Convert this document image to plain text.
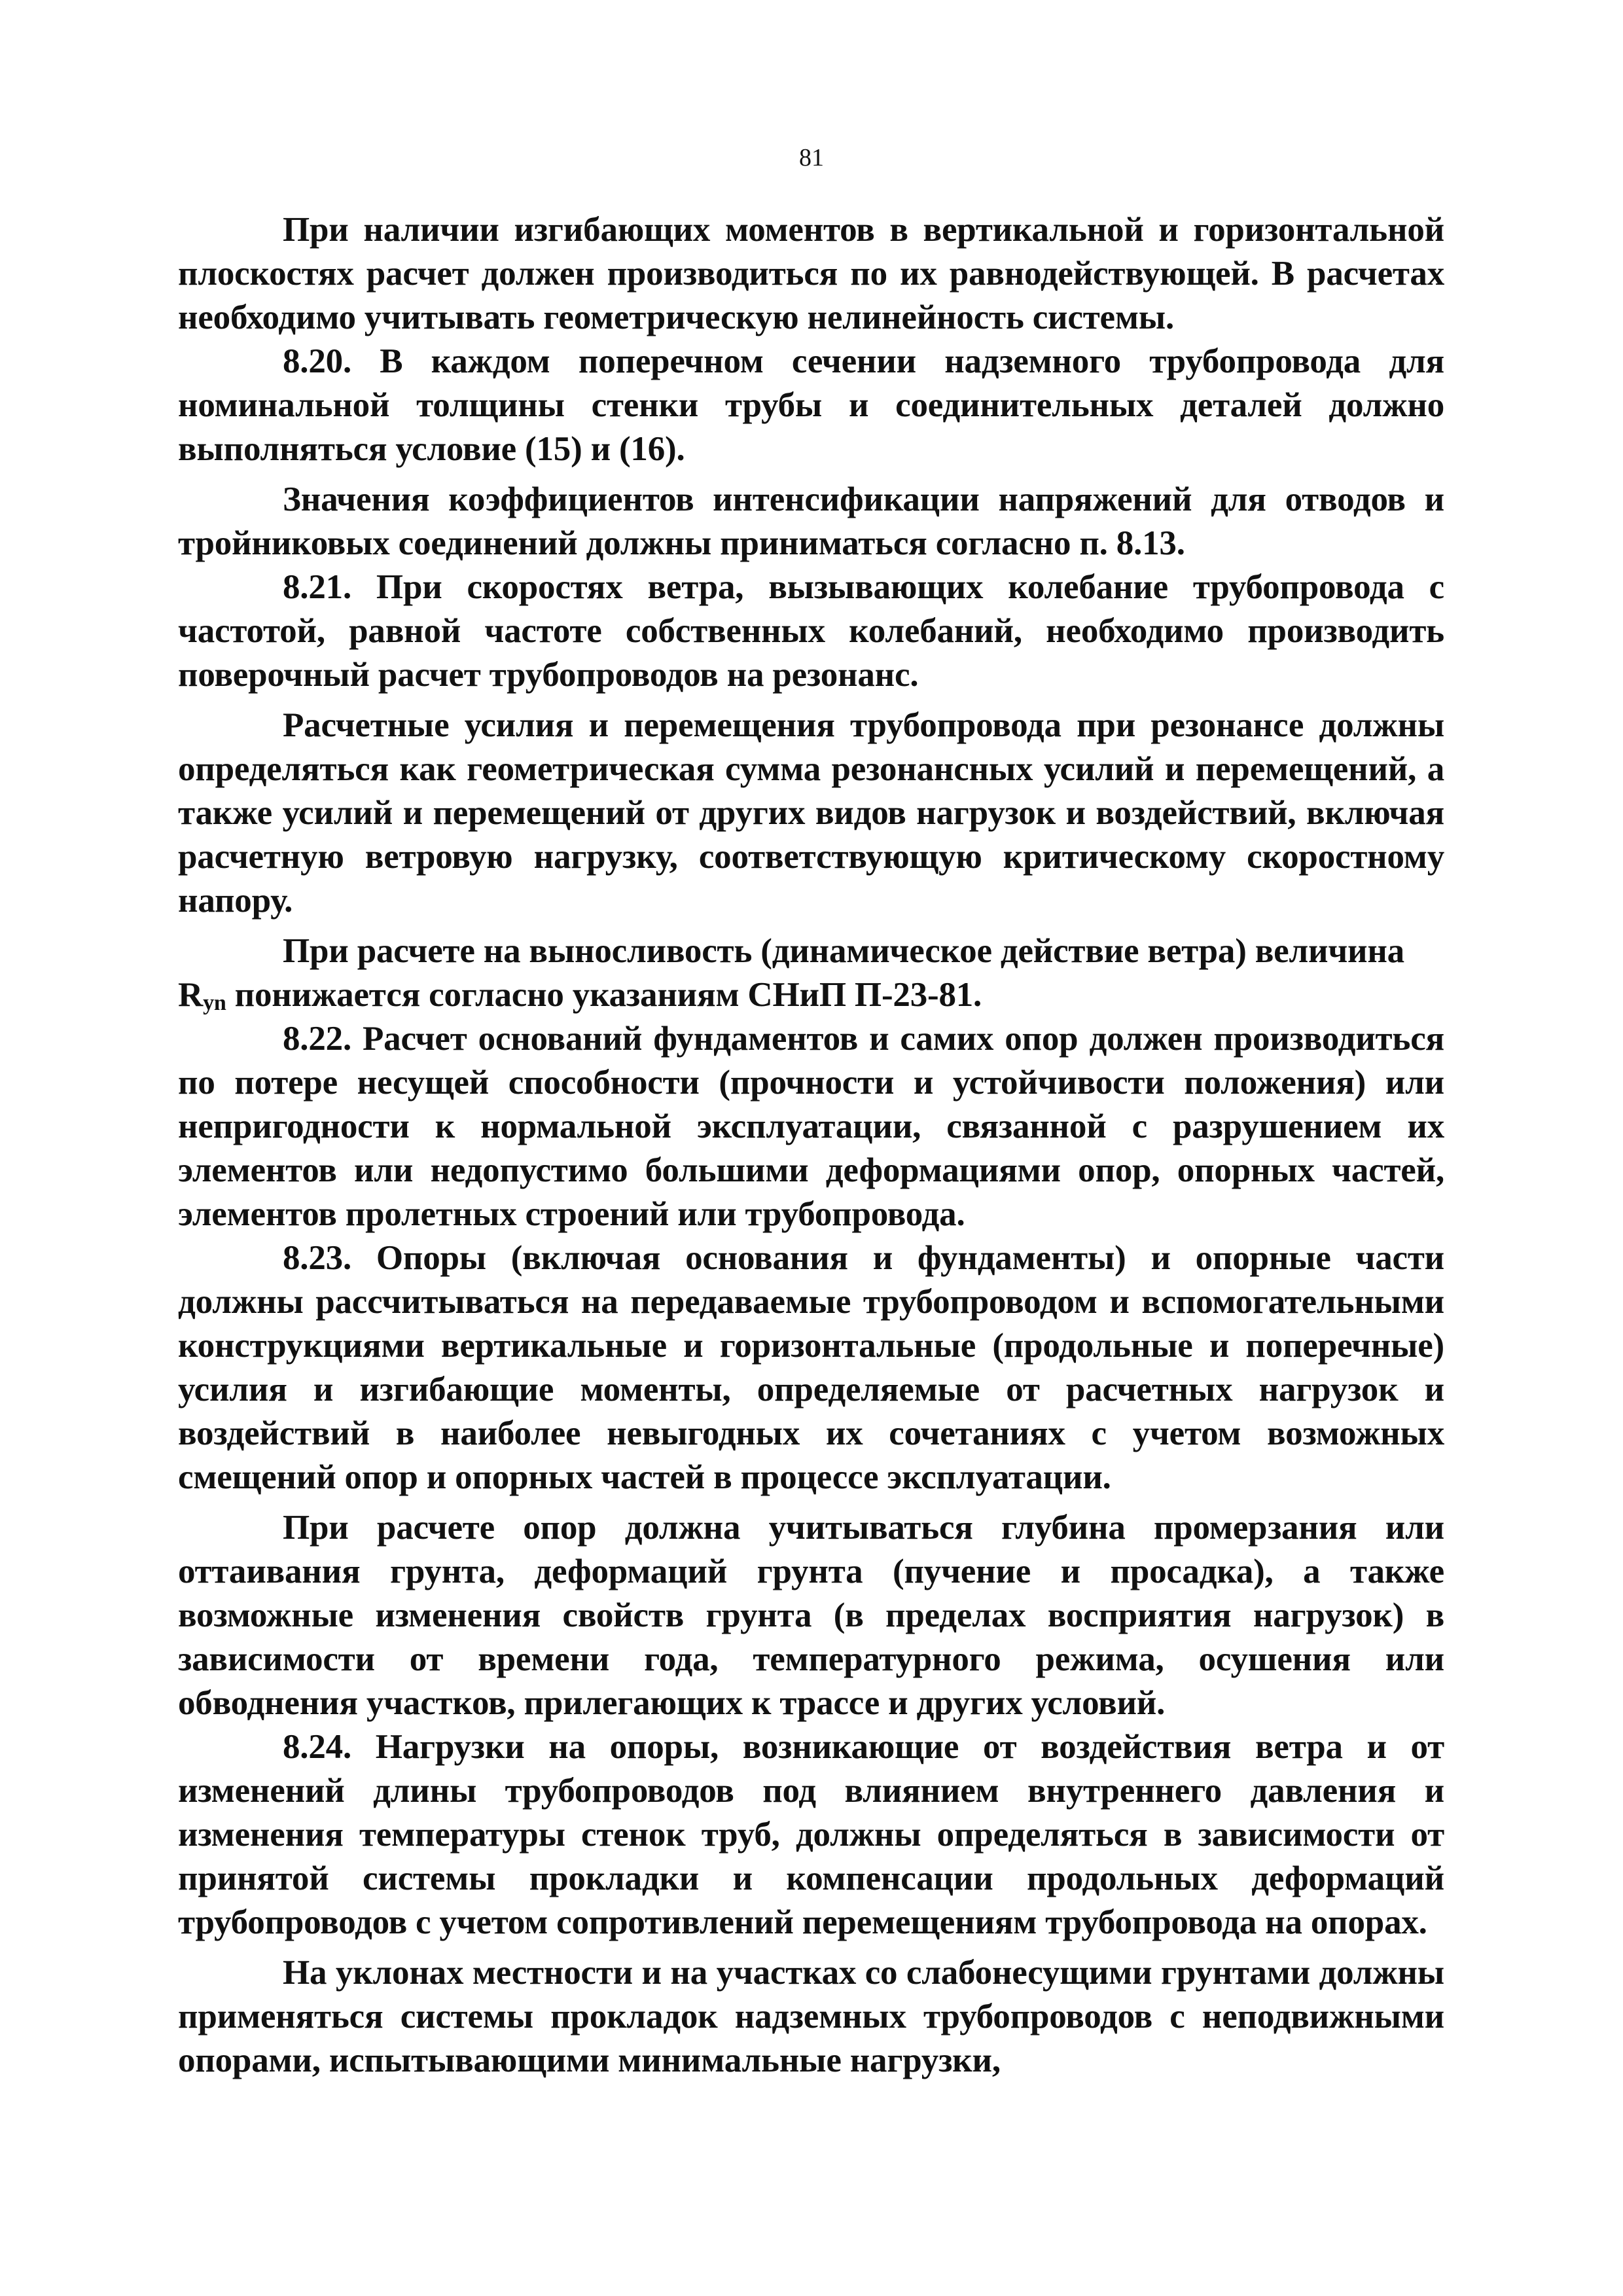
81

При наличии изгибающих моментов в вертикальной и горизонтальной плоскостях расчет должен производиться по их равнодействующей. В расчетах необходимо учитывать геометрическую нелинейность системы.

8.20. В каждом поперечном сечении надземного трубопровода для номинальной толщины стенки трубы и соединительных деталей должно выполняться условие (15) и (16).

Значения коэффициентов интенсификации напряжений для отводов и тройниковых соединений должны приниматься согласно п. 8.13.

8.21. При скоростях ветра, вызывающих колебание трубопровода с частотой, равной частоте собственных колебаний, необходимо производить поверочный расчет трубопроводов на резонанс.

Расчетные усилия и перемещения трубопровода при резонансе должны определяться как геометрическая сумма резонансных усилий и перемещений, а также усилий и перемещений от других видов нагрузок и воздействий, включая расчетную ветровую нагрузку, соответствующую критическому скоростному напору.

При расчете на выносливость (динамическое действие ветра) величина
$R_{yn}$ понижается согласно указаниям СНиП П-23-81.

8.22. Расчет оснований фундаментов и самих опор должен производиться по потере несущей способности (прочности и устойчивости положения) или непригодности к нормальной эксплуатации, связанной с разрушением их элементов или недопустимо большими деформациями опор, опорных частей, элементов пролетных строений или трубопровода.

8.23. Опоры (включая основания и фундаменты) и опорные части должны рассчитываться на передаваемые трубопроводом и вспомогательными конструкциями вертикальные и горизонтальные (продольные и поперечные) усилия и изгибающие моменты, определяемые от расчетных нагрузок и воздействий в наиболее невыгодных их сочетаниях с учетом возможных смещений опор и опорных частей в процессе эксплуатации.

При расчете опор должна учитываться глубина промерзания или оттаивания грунта, деформаций грунта (пучение и просадка), а также возможные изменения свойств грунта (в пределах восприятия нагрузок) в зависимости от времени года, температурного режима, осушения или обводнения участков, прилегающих к трассе и других условий.

8.24. Нагрузки на опоры, возникающие от воздействия ветра и от изменений длины трубопроводов под влиянием внутреннего давления и изменения температуры стенок труб, должны определяться в зависимости от принятой системы прокладки и компенсации продольных деформаций трубопроводов с учетом сопротивлений перемещениям трубопровода на опорах.

На уклонах местности и на участках со слабонесущими грунтами должны применяться системы прокладок надземных трубопроводов с неподвижными опорами, испытывающими минимальные нагрузки,
